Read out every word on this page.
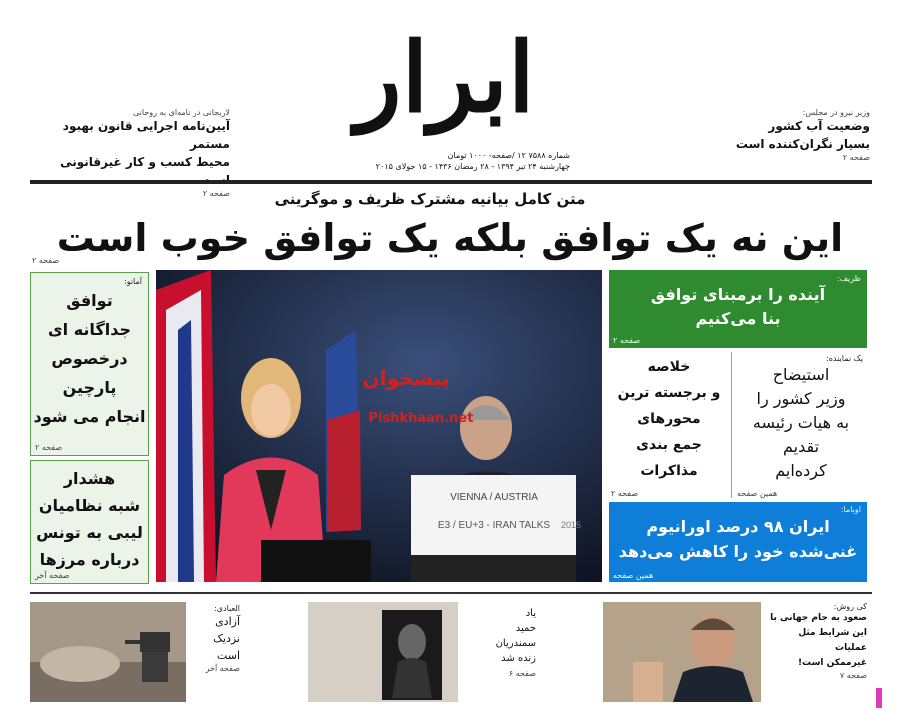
ابرار
شماره ۷۵۸۸ ۱۲ /صفحه- ۱۰۰۰ تومان
چهارشنبه ۲۴ تیر ۱۳۹۴ - ۲۸ رمضان ۱۴۳۶ - ۱۵ جولای ۲۰۱۵
وزیر نیرو در مجلس:
وضعیت آب کشور
بسیار نگران‌کننده است
صفحه ۲
لاریجانی در نامه‌ای به روحانی
آیین‌نامه اجرایی قانون بهبود مستمر
محیط کسب و کار غیرقانونی
صفحه ۲	متن کامل بیانیه مشترک ظریف و موگرینی
این نه یک توافق بلکه یک توافق خوب است
صفحه ۲
آمانو:
توافق
جداگانه ای
درخصوص
پارچین
انجام می شود
صفحه ۲
هشدار
شبه نظامیان
لیبی به تونس
درباره مرزها
صفحه آخر
VIENNA / AUSTRIA
E3 / EU+3 - IRAN TALKS 2015
پیشخوان
Pishkhaan.net
ظریف:
آینده را برمبنای توافق
بنا می‌کنیم
صفحه ۲
یک نماینده:
استیضاح
وزیر کشور را
به هیات رئیسه
تقدیم
کرده‌ایم
همین صفحه
خلاصه
و برجسته ترین
محورهای
جمع بندی
مذاکرات
صفحه ۲
اوباما:
ایران ۹۸ درصد اورانیوم
غنی‌شده خود را کاهش می‌دهد
همین صفحه
کی روش:
صعود به جام جهانی با
این شرایط مثل عملیات
غیرممکن است!
صفحه ۷
یاد
حمید
سمندریان
زنده شد
صفحه ۶
العبادی:
آزادی
نزدیک
است
صفحه آخر
